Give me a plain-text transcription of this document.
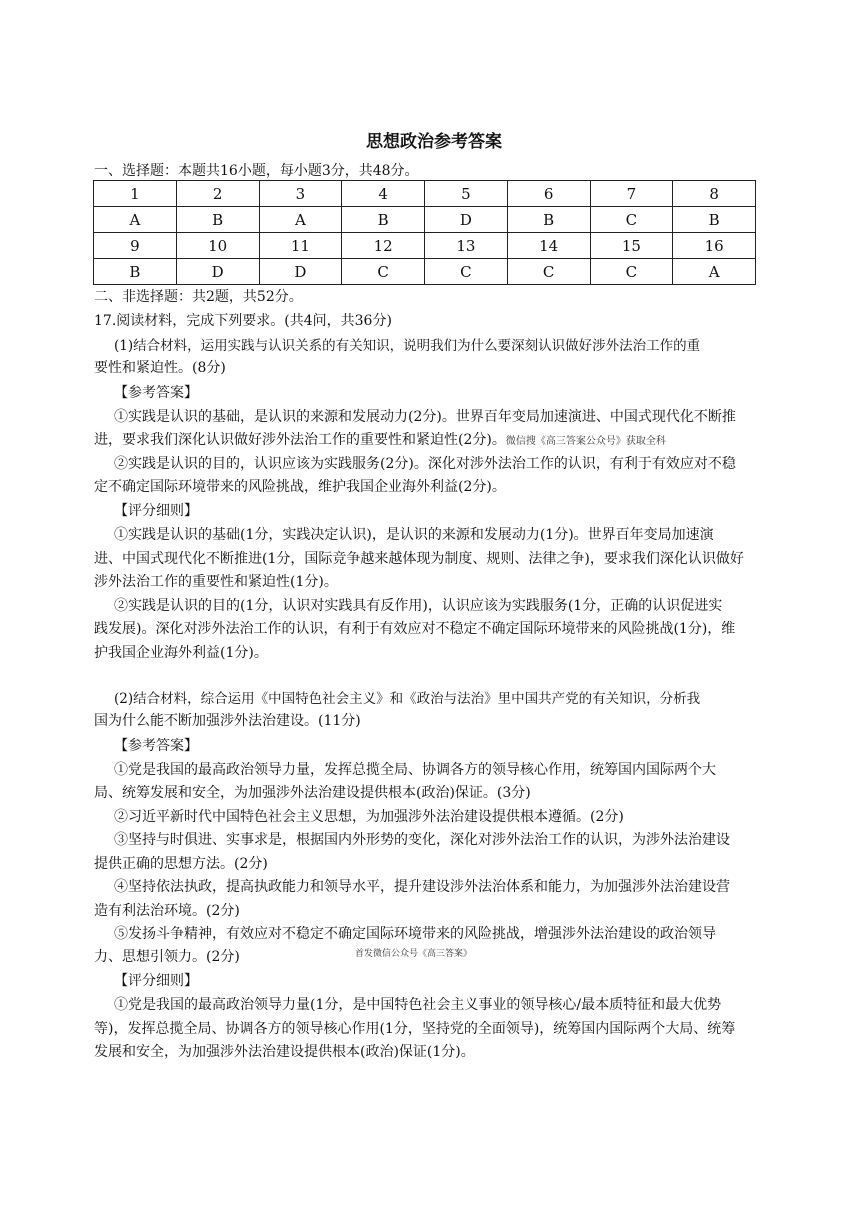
思想政治参考答案
一、选择题：本题共16小题，每小题3分，共48分。
1	2	3	4	5	6	7	8
A	B	A	B	D	B	C	B
9	10	11	12	13	14	15	16
B	D	D	C	C	C	C	A
二、非选择题：共2题，共52分。
17.阅读材料，完成下列要求。(共4问，共36分)
(1)结合材料，运用实践与认识关系的有关知识，说明我们为什么要深刻认识做好涉外法治工作的重
要性和紧迫性。(8分)
【参考答案】
①实践是认识的基础，是认识的来源和发展动力(2分)。世界百年变局加速演进、中国式现代化不断推
进，要求我们深化认识做好涉外法治工作的重要性和紧迫性(2分)。微信搜《高三答案公众号》获取全科
②实践是认识的目的，认识应该为实践服务(2分)。深化对涉外法治工作的认识，有利于有效应对不稳
定不确定国际环境带来的风险挑战，维护我国企业海外利益(2分)。
【评分细则】
①实践是认识的基础(1分，实践决定认识)，是认识的来源和发展动力(1分)。世界百年变局加速演
进、中国式现代化不断推进(1分，国际竞争越来越体现为制度、规则、法律之争)，要求我们深化认识做好
涉外法治工作的重要性和紧迫性(1分)。
②实践是认识的目的(1分，认识对实践具有反作用)，认识应该为实践服务(1分，正确的认识促进实
践发展)。深化对涉外法治工作的认识，有利于有效应对不稳定不确定国际环境带来的风险挑战(1分)，维
护我国企业海外利益(1分)。
(2)结合材料，综合运用《中国特色社会主义》和《政治与法治》里中国共产党的有关知识，分析我
国为什么能不断加强涉外法治建设。(11分)
【参考答案】
①党是我国的最高政治领导力量，发挥总揽全局、协调各方的领导核心作用，统筹国内国际两个大
局、统筹发展和安全，为加强涉外法治建设提供根本(政治)保证。(3分)
②习近平新时代中国特色社会主义思想，为加强涉外法治建设提供根本遵循。(2分)
③坚持与时俱进、实事求是，根据国内外形势的变化，深化对涉外法治工作的认识，为涉外法治建设
提供正确的思想方法。(2分)
④坚持依法执政，提高执政能力和领导水平，提升建设涉外法治体系和能力，为加强涉外法治建设营
造有利法治环境。(2分)
⑤发扬斗争精神，有效应对不稳定不确定国际环境带来的风险挑战，增强涉外法治建设的政治领导
力、思想引领力。(2分)	首发微信公众号《高三答案》
【评分细则】
①党是我国的最高政治领导力量(1分，是中国特色社会主义事业的领导核心/最本质特征和最大优势
等)，发挥总揽全局、协调各方的领导核心作用(1分，坚持党的全面领导)，统筹国内国际两个大局、统筹
发展和安全，为加强涉外法治建设提供根本(政治)保证(1分)。
